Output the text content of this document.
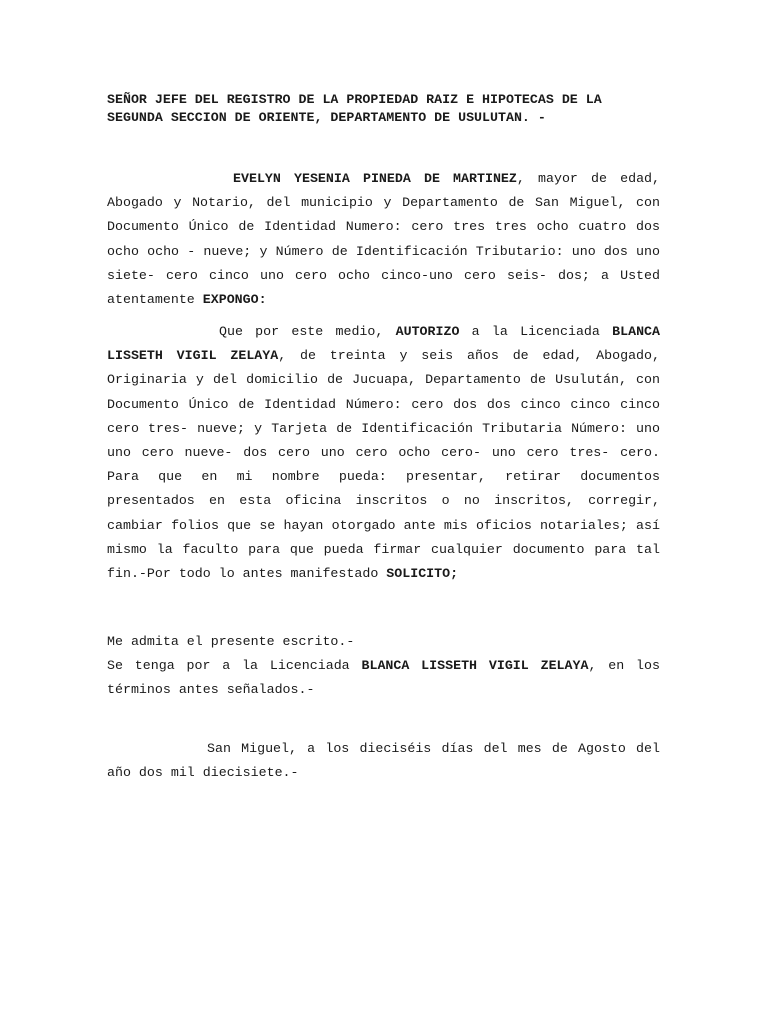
SEÑOR JEFE DEL REGISTRO DE LA PROPIEDAD RAIZ E HIPOTECAS DE LA SEGUNDA SECCION DE ORIENTE, DEPARTAMENTO DE USULUTAN. -

EVELYN YESENIA PINEDA DE MARTINEZ, mayor de edad, Abogado y Notario, del municipio y Departamento de San Miguel, con Documento Único de Identidad Numero: cero tres tres ocho cuatro dos ocho ocho - nueve; y Número de Identificación Tributario: uno dos uno siete- cero cinco uno cero ocho cinco-uno cero seis- dos; a Usted atentamente EXPONGO:

Que por este medio, AUTORIZO a la Licenciada BLANCA LISSETH VIGIL ZELAYA, de treinta y seis años de edad, Abogado, Originaria y del domicilio de Jucuapa, Departamento de Usulután, con Documento Único de Identidad Número: cero dos dos cinco cinco cinco cero tres- nueve; y Tarjeta de Identificación Tributaria Número: uno uno cero nueve- dos cero uno cero ocho cero- uno cero tres- cero. Para que en mi nombre pueda: presentar, retirar documentos presentados en esta oficina inscritos o no inscritos, corregir, cambiar folios que se hayan otorgado ante mis oficios notariales; así mismo la faculto para que pueda firmar cualquier documento para tal fin.-Por todo lo antes manifestado SOLICITO;

Me admita el presente escrito.-
Se tenga por a la Licenciada BLANCA LISSETH VIGIL ZELAYA, en los términos antes señalados.-

San Miguel, a los dieciséis días del mes de Agosto del año dos mil diecisiete.-
